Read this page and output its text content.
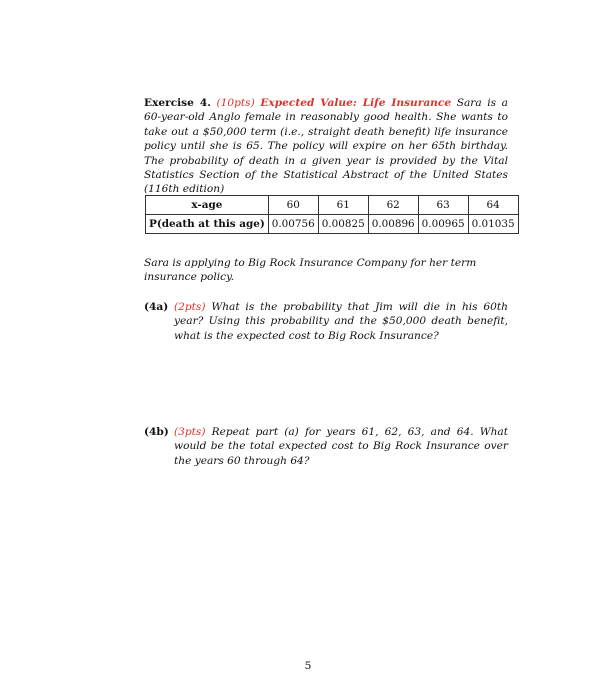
Exercise 4. (10pts) Expected Value: Life Insurance Sara is a 60-year-old Anglo female in reasonably good health. She wants to take out a $50,000 term (i.e., straight death benefit) life insurance policy until she is 65. The policy will expire on her 65th birthday. The probability of death in a given year is provided by the Vital Statistics Section of the Statistical Abstract of the United States (116th edition)
x-age	60	61	62	63	64
P(death at this age)	0.00756	0.00825	0.00896	0.00965	0.01035
Sara is applying to Big Rock Insurance Company for her term insurance policy.
(4a) (2pts) What is the probability that Jim will die in his 60th year? Using this probability and the $50,000 death benefit, what is the expected cost to Big Rock Insurance?
(4b) (3pts) Repeat part (a) for years 61, 62, 63, and 64. What would be the total expected cost to Big Rock Insurance over the years 60 through 64?
5
